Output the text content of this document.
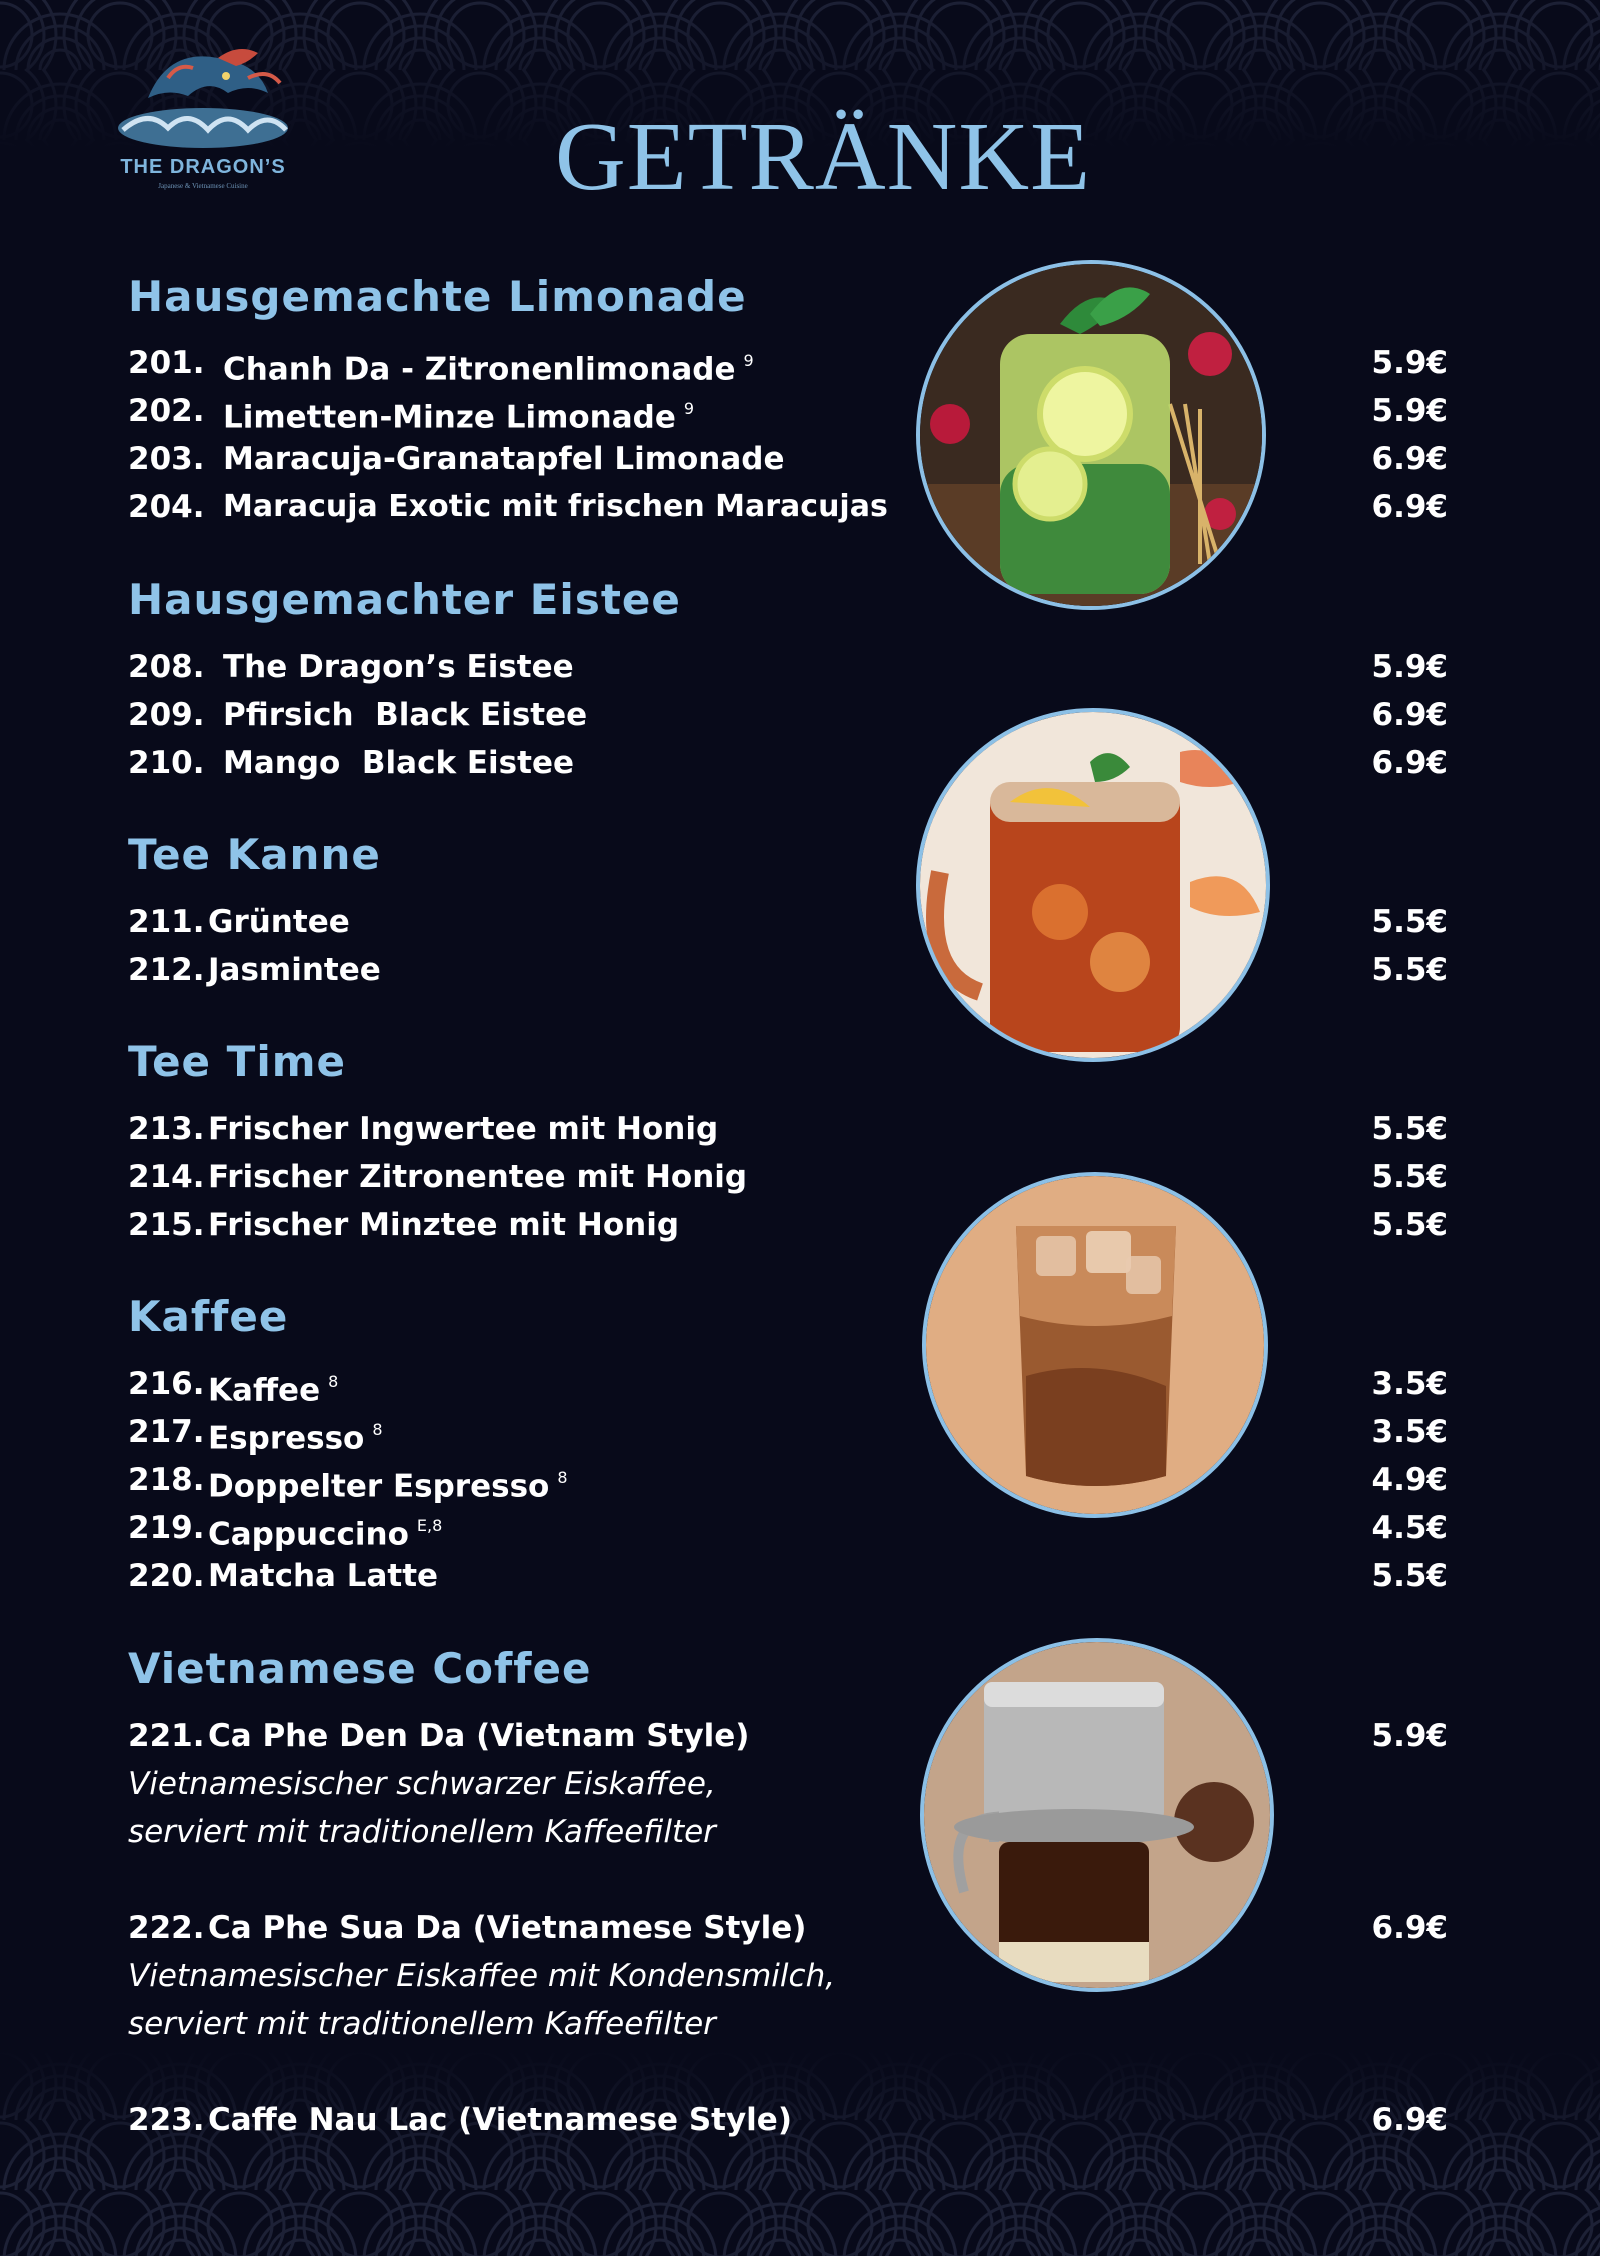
THE DRAGON’S
Japanese & Vietnamese Cuisine	GETRÄNKE
Hausgemachte Limonade
201. Chanh Da - Zitronenlimonade $^9$	5.9€
202. Limetten-Minze Limonade $^9$	5.9€
203. Maracuja-Granatapfel Limonade	6.9€
204. Maracuja Exotic mit frischen Maracujas	6.9€
Hausgemachter Eistee
208. The Dragon’s Eistee	5.9€
209. Pfirsich  Black Eistee	6.9€
210. Mango  Black Eistee	6.9€
Tee Kanne
211. Grüntee	5.5€
212. Jasmintee	5.5€
Tee Time
213. Frischer Ingwertee mit Honig	5.5€
214. Frischer Zitronentee mit Honig	5.5€
215. Frischer Minztee mit Honig	5.5€
Kaffee
216. Kaffee $^8$	3.5€
217. Espresso $^8$	3.5€
218. Doppelter Espresso $^8$	4.9€
219. Cappuccino $^{E,8}$	4.5€
220. Matcha Latte	5.5€
Vietnamese Coffee
221. Ca Phe Den Da (Vietnam Style)	5.9€
Vietnamesischer schwarzer Eiskaffee,
serviert mit traditionellem Kaffeefilter
222. Ca Phe Sua Da (Vietnamese Style)	6.9€
Vietnamesischer Eiskaffee mit Kondensmilch,
serviert mit traditionellem Kaffeefilter
223. Caffe Nau Lac (Vietnamese Style)	6.9€
